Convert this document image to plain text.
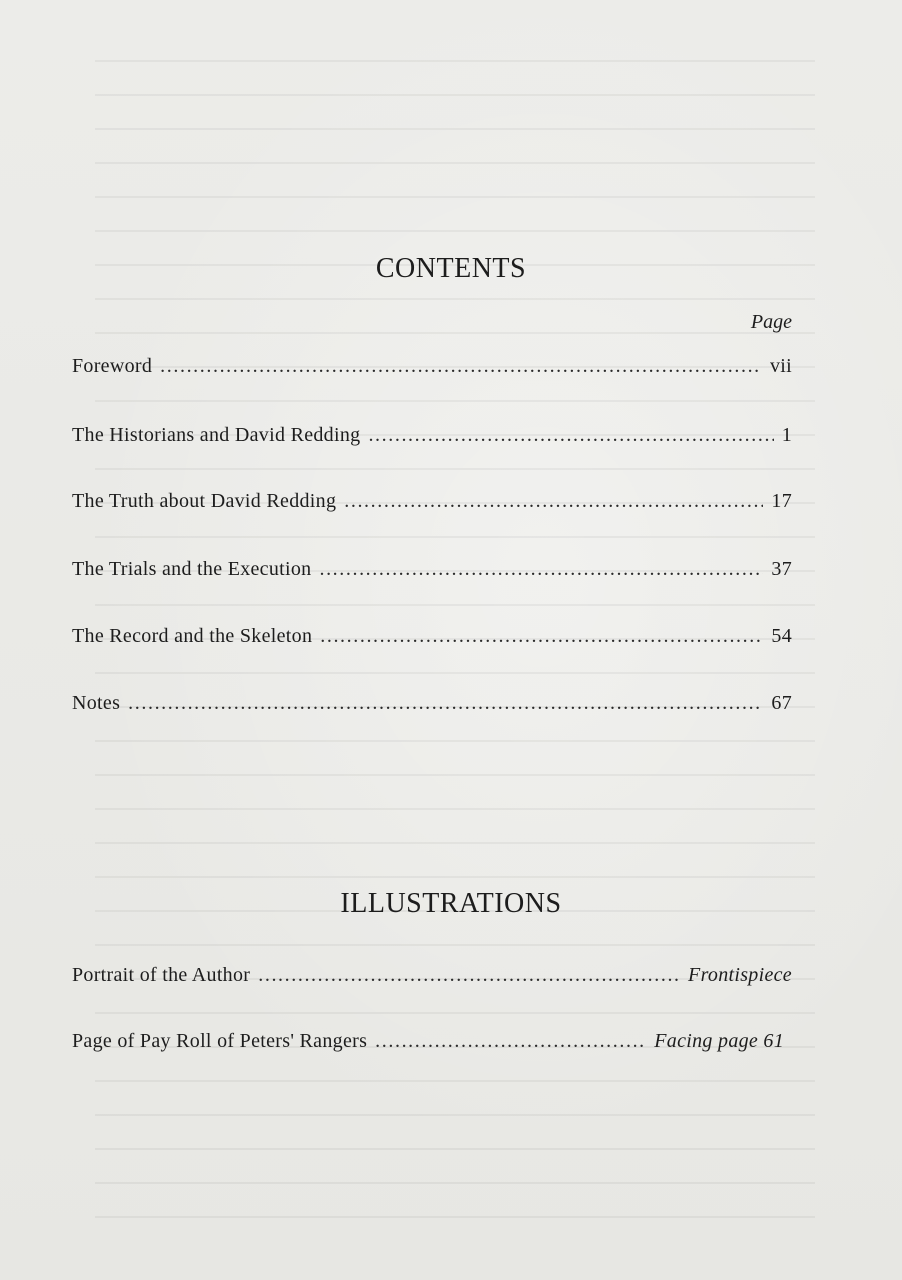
CONTENTS
Page
Foreword . . .	vii
The Historians and David Redding . . .	1
The Truth about David Redding . . .	17
The Trials and the Execution . . .	37
The Record and the Skeleton . . .	54
Notes . . .	67
ILLUSTRATIONS
Portrait of the Author . . .	Frontispiece
Page of Pay Roll of Peters' Rangers . . .	Facing page 61
